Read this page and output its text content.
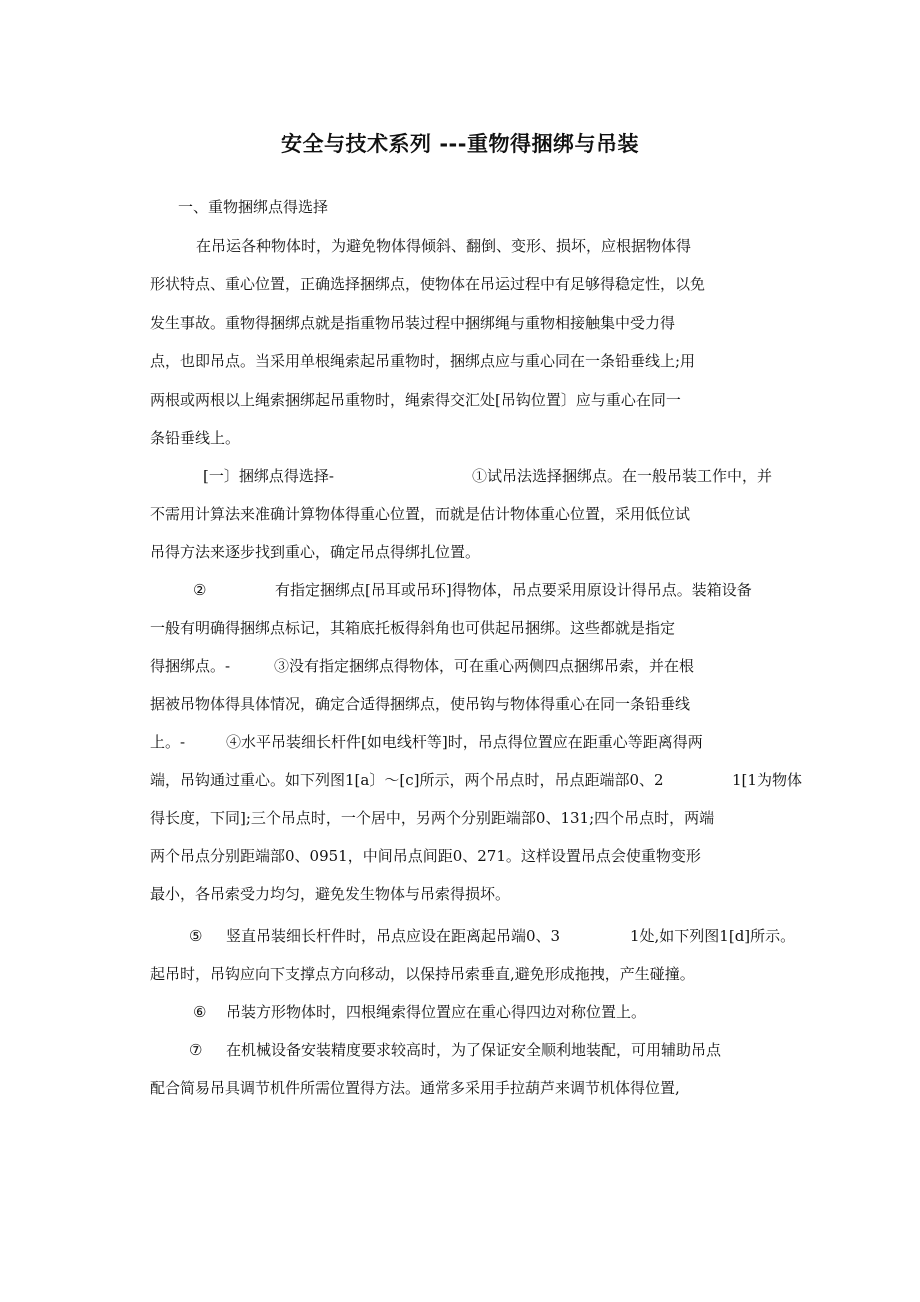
安全与技术系列 ---重物得捆绑与吊装
一、重物捆绑点得选择
在吊运各种物体时，为避免物体得倾斜、翻倒、变形、损坏，应根据物体得
形状特点、重心位置，正确选择捆绑点，使物体在吊运过程中有足够得稳定性，以免
发生事故。重物得捆绑点就是指重物吊装过程中捆绑绳与重物相接触集中受力得
点，也即吊点。当采用单根绳索起吊重物时，捆绑点应与重心同在一条铅垂线上;用
两根或两根以上绳索捆绑起吊重物时，绳索得交汇处[吊钩位置〕应与重心在同一
条铅垂线上。
[一〕捆绑点得选择-	①试吊法选择捆绑点。在一般吊装工作中，并
不需用计算法来准确计算物体得重心位置，而就是估计物体重心位置，采用低位试
吊得方法来逐步找到重心，确定吊点得绑扎位置。
②	有指定捆绑点[吊耳或吊环]得物体，吊点要采用原设计得吊点。装箱设备
一般有明确得捆绑点标记，其箱底托板得斜角也可供起吊捆绑。这些都就是指定
得捆绑点。-	③没有指定捆绑点得物体，可在重心两侧四点捆绑吊索，并在根
据被吊物体得具体情况，确定合适得捆绑点，使吊钩与物体得重心在同一条铅垂线
上。-	④水平吊装细长杆件[如电线杆等]时，吊点得位置应在距重心等距离得两
端，吊钩通过重心。如下列图1[a〕～[c]所示，两个吊点时，吊点距端部0、2	1[1为物体
得长度，下同];三个吊点时，一个居中，另两个分别距端部0、131;四个吊点时，两端
两个吊点分别距端部0、0951，中间吊点间距0、271。这样设置吊点会使重物变形
最小，各吊索受力均匀，避免发生物体与吊索得损坏。
⑤ 竖直吊装细长杆件时，吊点应设在距离起吊端0、3	1处,如下列图1[d]所示。
起吊时，吊钩应向下支撑点方向移动，以保持吊索垂直,避免形成拖拽，产生碰撞。
⑥ 吊装方形物体时，四根绳索得位置应在重心得四边对称位置上。
⑦ 在机械设备安装精度要求较高时，为了保证安全顺利地装配，可用辅助吊点
配合简易吊具调节机件所需位置得方法。通常多采用手拉葫芦来调节机体得位置,
